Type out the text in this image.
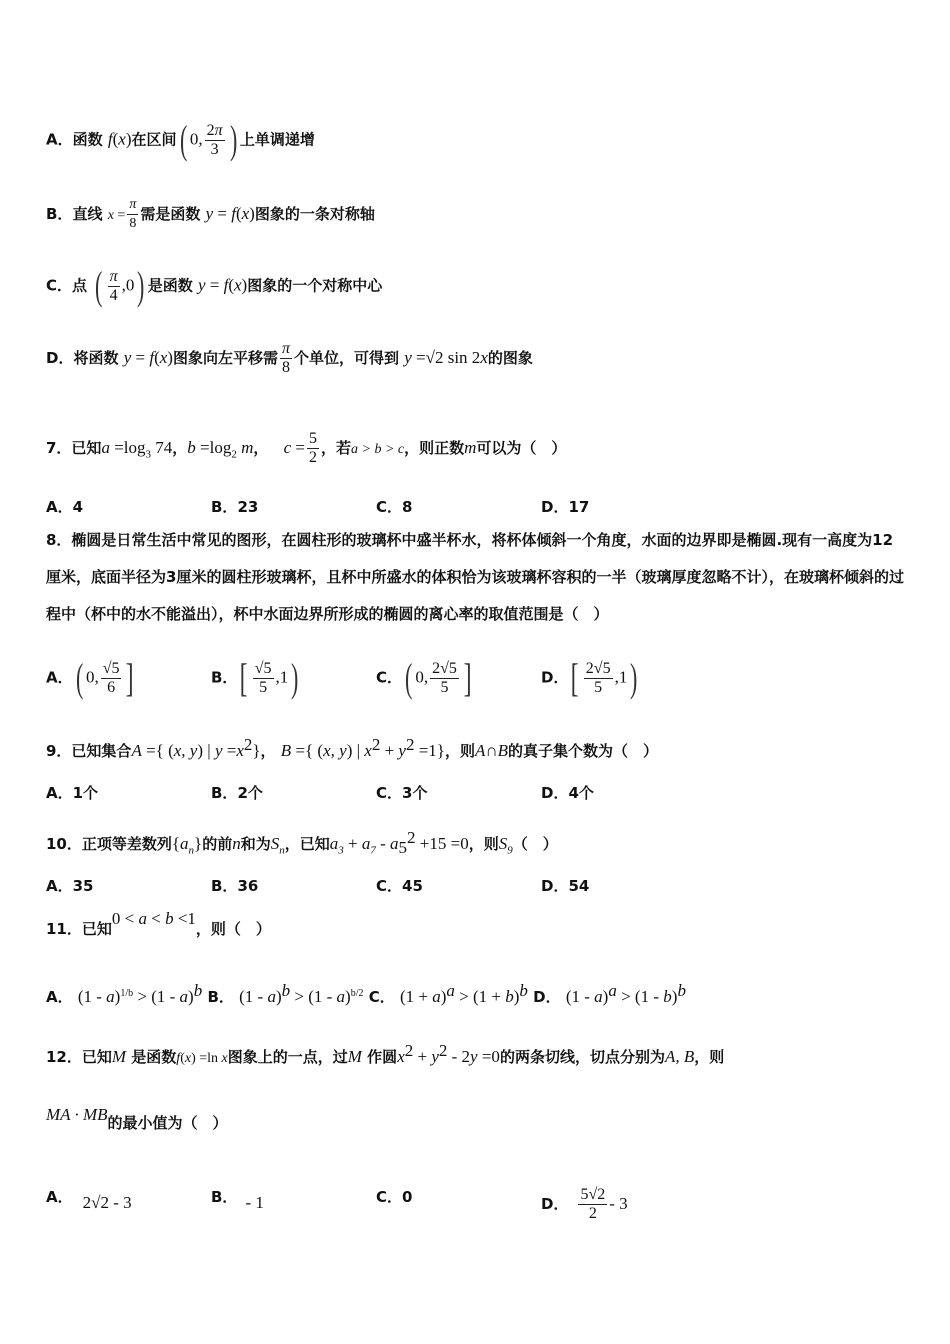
A．函数 f(x)在区间( 0, $\frac{2\pi}{3}$ ) 上单调递增
B．直线 $x = \frac{\pi}{8}$ 需是函数 y = f(x)图象的一条对称轴
C．点 ( $\frac{\pi}{4} ,0$) 是函数 y = f(x)图象的一个对称中心
D．将函数 y = f(x)图象向左平移需 $\frac{\pi}{8}$ 个单位，可得到 y =√2 sin 2x的图象
7．已知$a =\log_3$ 74，$b =\log_2$ m， $c = \frac{5}{2}$ ，若a > b > c，则正数m可以为（　）
A．4	B．23	C．8	D．17
8．椭圆是日常生活中常见的图形，在圆柱形的玻璃杯中盛半杯水，将杯体倾斜一个角度，水面的边界即是椭圆.现有一高度为12厘米，底面半径为3厘米的圆柱形玻璃杯，且杯中所盛水的体积恰为该玻璃杯容积的一半（玻璃厚度忽略不计），在玻璃杯倾斜的过程中（杯中的水不能溢出），杯中水面边界所形成的椭圆的离心率的取值范围是（　）
A．( 0, $\frac{√5}{6}$ ]	B．[ $\frac{√5}{5} ,1$)	C．( 0, $\frac{2√5}{5}$ ]	D．[ $\frac{2√5}{5} ,1$)
9．已知集合A ={ (x, y) | $y =x^2$}， B ={ (x, y) | $x^2 + y^2 =1$}，则A∩B的真子集个数为（　）
A．1个	B．2个	C．3个	D．4个
10．正项等差数列$\{a_n\}$的前n和为$S_n$，已知$a_3 + a_7 - a_5^2 +15 =0$，则$S_9$（　）
A．35	B．36	C．45	D．54
11．已知0 < a < b <1，则（　）
A． (1 - a)$^{1/b}$ > (1 - a)$^b$ B． (1 - a)$^b$ > (1 - a)$^{b/2}$ C． $(1 + a)^a > (1 + b)^b$ D． (1 - a)$^a$ > (1 - b)$^b$
12．已知M 是函数f(x) =ln x图象上的一点，过M 作圆$x^2 + y^2 - 2y =0$的两条切线，切点分别为A, B，则
MA · MB的最小值为（　）
A． 2√2 - 3	B． - 1	C．0	D． $\frac{5√2}{2} - 3$
